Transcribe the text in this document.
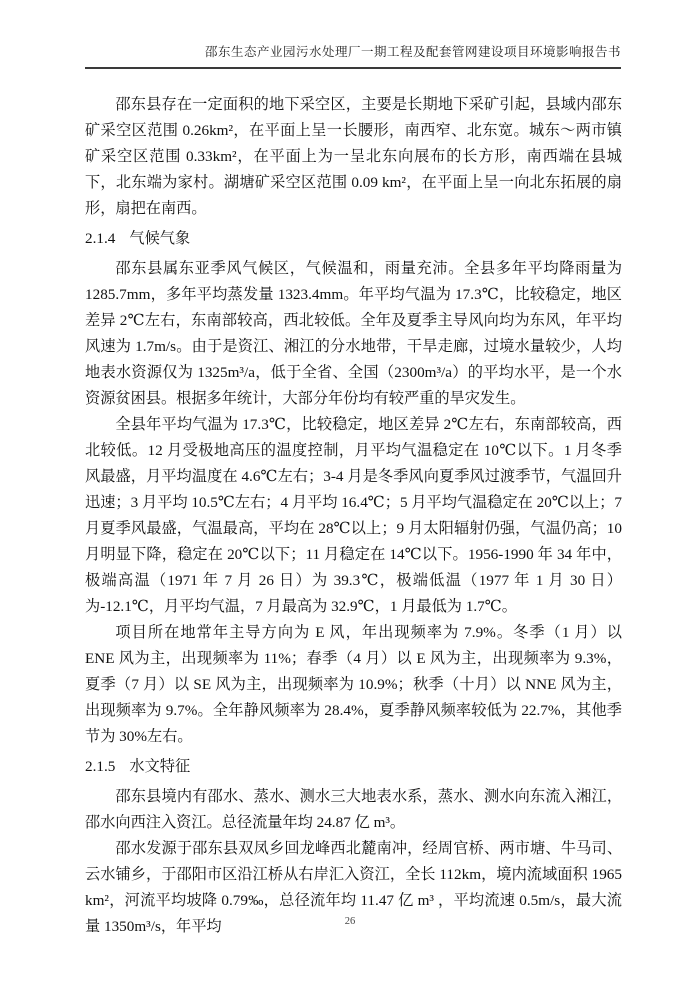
邵东生态产业园污水处理厂一期工程及配套管网建设项目环境影响报告书

邵东县存在一定面积的地下采空区，主要是长期地下采矿引起，县域内邵东矿采空区范围 0.26km²，在平面上呈一长腰形，南西窄、北东宽。城东～两市镇矿采空区范围 0.33km²，在平面上为一呈北东向展布的长方形，南西端在县城下，北东端为家村。湖塘矿采空区范围 0.09 km²，在平面上呈一向北东拓展的扇形，扇把在南西。

2.1.4 气候气象

邵东县属东亚季风气候区，气候温和，雨量充沛。全县多年平均降雨量为 1285.7mm，多年平均蒸发量 1323.4mm。年平均气温为 17.3℃，比较稳定，地区差异 2℃左右，东南部较高，西北较低。全年及夏季主导风向均为东风，年平均风速为 1.7m/s。由于是资江、湘江的分水地带，干旱走廊，过境水量较少，人均地表水资源仅为 1325m³/a，低于全省、全国（2300m³/a）的平均水平，是一个水资源贫困县。根据多年统计，大部分年份均有较严重的旱灾发生。

全县年平均气温为 17.3℃，比较稳定，地区差异 2℃左右，东南部较高，西北较低。12 月受极地高压的温度控制，月平均气温稳定在 10℃以下。1 月冬季风最盛，月平均温度在 4.6℃左右；3-4 月是冬季风向夏季风过渡季节，气温回升迅速；3 月平均 10.5℃左右；4 月平均 16.4℃；5 月平均气温稳定在 20℃以上；7 月夏季风最盛，气温最高，平均在 28℃以上；9 月太阳辐射仍强，气温仍高；10 月明显下降，稳定在 20℃以下；11 月稳定在 14℃以下。1956-1990 年 34 年中，极端高温（1971 年 7 月 26 日）为 39.3℃，极端低温（1977 年 1 月 30 日）为-12.1℃，月平均气温，7 月最高为 32.9℃，1 月最低为 1.7℃。

项目所在地常年主导方向为 E 风，年出现频率为 7.9%。冬季（1 月）以 ENE 风为主，出现频率为 11%；春季（4 月）以 E 风为主，出现频率为 9.3%，夏季（7 月）以 SE 风为主，出现频率为 10.9%；秋季（十月）以 NNE 风为主，出现频率为 9.7%。全年静风频率为 28.4%，夏季静风频率较低为 22.7%，其他季节为 30%左右。

2.1.5 水文特征

邵东县境内有邵水、蒸水、测水三大地表水系，蒸水、测水向东流入湘江，邵水向西注入资江。总径流量年均 24.87 亿 m³。

邵水发源于邵东县双凤乡回龙峰西北麓南冲，经周官桥、两市塘、牛马司、云水铺乡，于邵阳市区沿江桥从右岸汇入资江，全长 112km，境内流域面积 1965 km²，河流平均坡降 0.79‰，总径流年均 11.47 亿 m³ ，平均流速 0.5m/s，最大流量 1350m³/s，年平均	26
